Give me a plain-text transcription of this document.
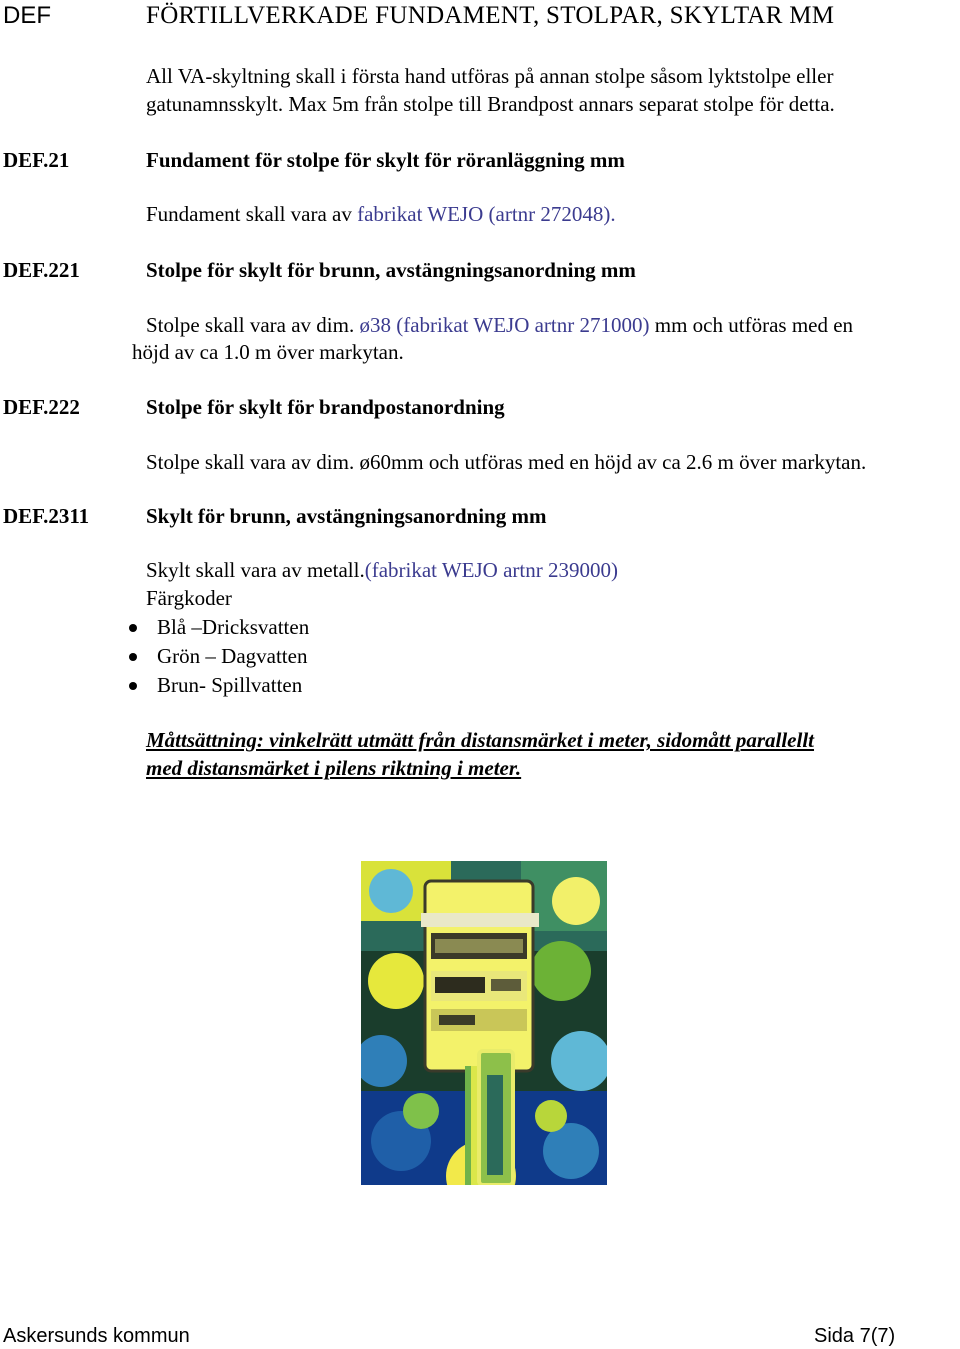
DEF	FÖRTILLVERKADE FUNDAMENT, STOLPAR, SKYLTAR MM
All VA-skyltning skall i första hand utföras på annan stolpe såsom lyktstolpe eller
gatunamnsskylt. Max 5m från stolpe till Brandpost annars separat stolpe för detta.
DEF.21	Fundament för stolpe för skylt för röranläggning mm
Fundament skall vara av fabrikat WEJO (artnr 272048).
DEF.221	Stolpe för skylt för brunn, avstängningsanordning mm
Stolpe skall vara av dim. ø38 (fabrikat WEJO artnr 271000) mm och utföras med en
höjd av ca 1.0 m över markytan.
DEF.222	Stolpe för skylt för brandpostanordning
Stolpe skall vara av dim. ø60mm och utföras med en höjd av ca 2.6 m över markytan.
DEF.2311	Skylt för brunn, avstängningsanordning mm
Skylt skall vara av metall.(fabrikat WEJO artnr 239000)
Färgkoder
Blå –Dricksvatten
Grön – Dagvatten
Brun- Spillvatten
Måttsättning: vinkelrätt utmätt från distansmärket i meter, sidomått parallellt
med distansmärket i pilens riktning i meter.
Askersunds kommun	Sida 7(7)
